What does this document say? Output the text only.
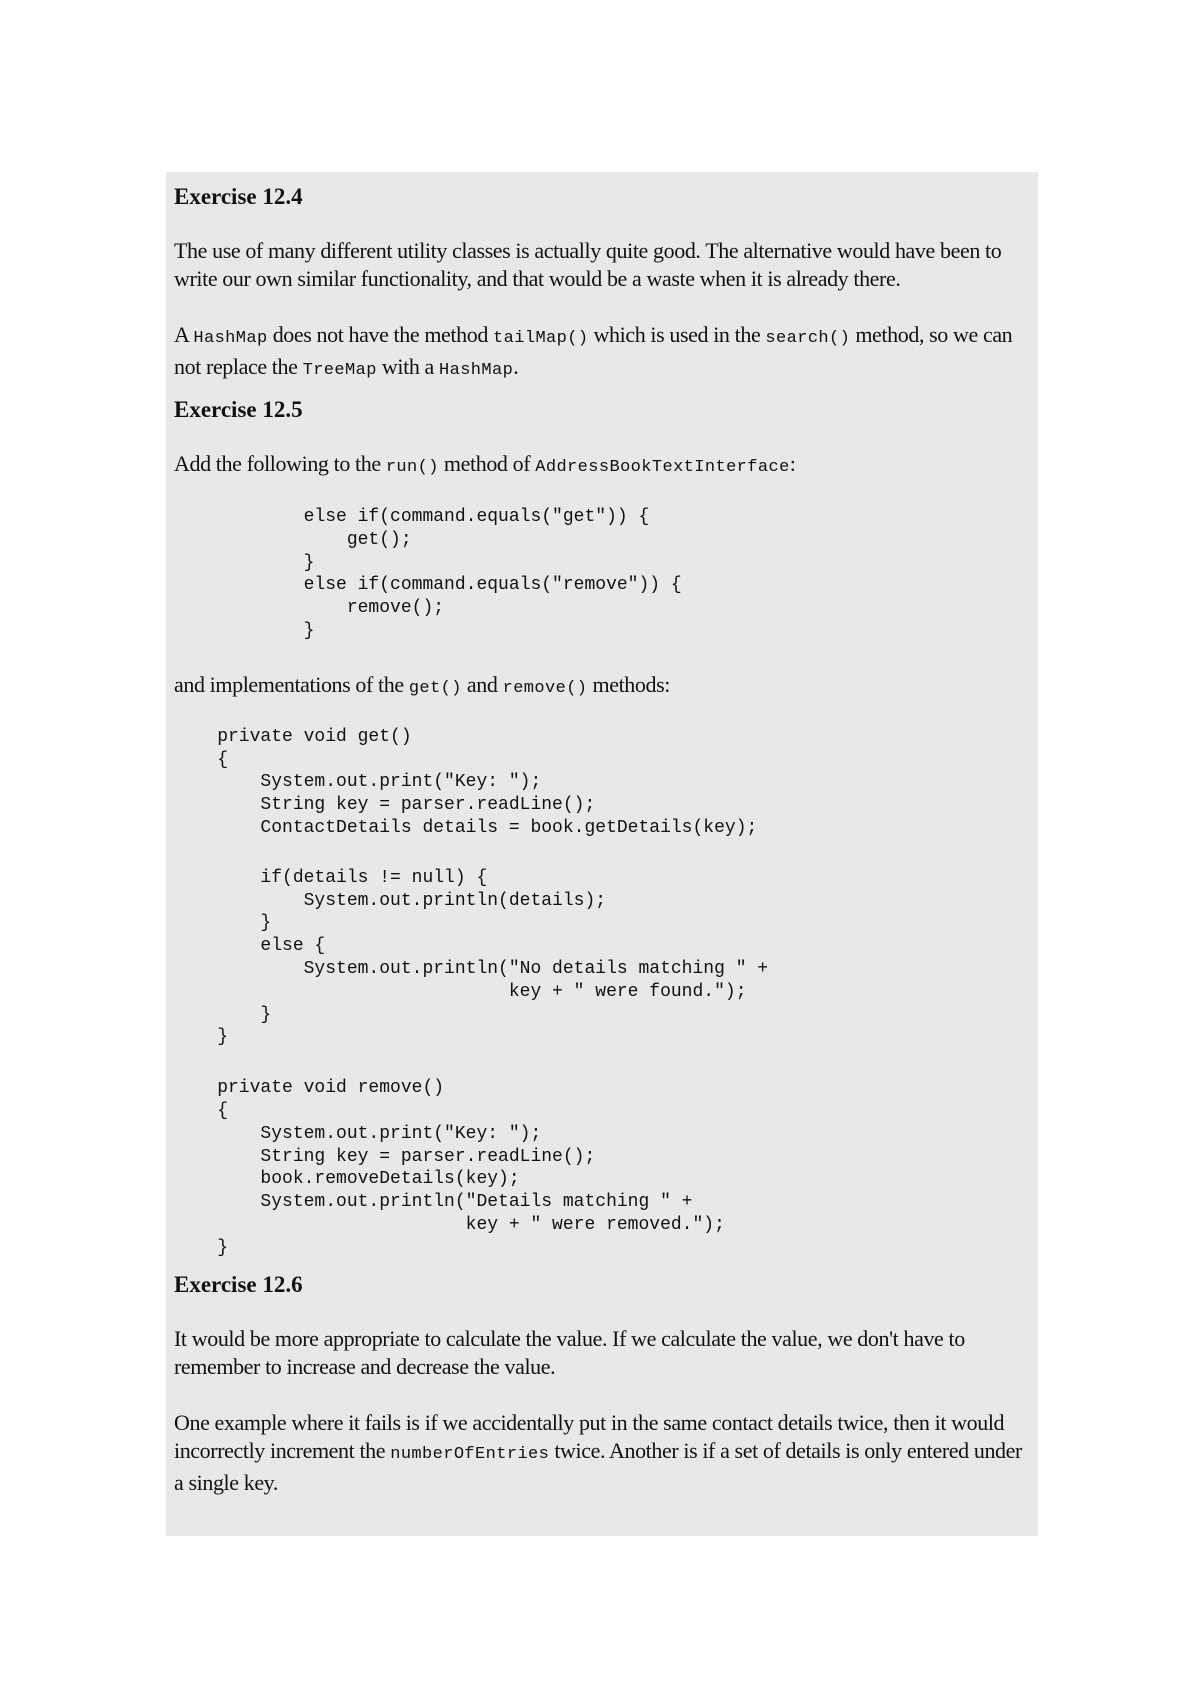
Exercise 12.4

The use of many different utility classes is actually quite good. The alternative would have been to write our own similar functionality, and that would be a waste when it is already there.

A HashMap does not have the method tailMap() which is used in the search() method, so we can not replace the TreeMap with a HashMap.

Exercise 12.5

Add the following to the run() method of AddressBookTextInterface:

else if(command.equals("get")) {
get();
}
else if(command.equals("remove")) {
remove();
}

and implementations of the get() and remove() methods:

private void get()
{
System.out.print("Key: ");
String key = parser.readLine();
ContactDetails details = book.getDetails(key);
if(details != null) {
System.out.println(details);
}
else {
System.out.println("No details matching " +
key + " were found.");
}
}
private void remove()
{
System.out.print("Key: ");
String key = parser.readLine();
book.removeDetails(key);
System.out.println("Details matching " +
key + " were removed.");
}
Exercise 12.6

It would be more appropriate to calculate the value. If we calculate the value, we don't have to remember to increase and decrease the value.

One example where it fails is if we accidentally put in the same contact details twice, then it would incorrectly increment the numberOfEntries twice. Another is if a set of details is only entered under a single key.
